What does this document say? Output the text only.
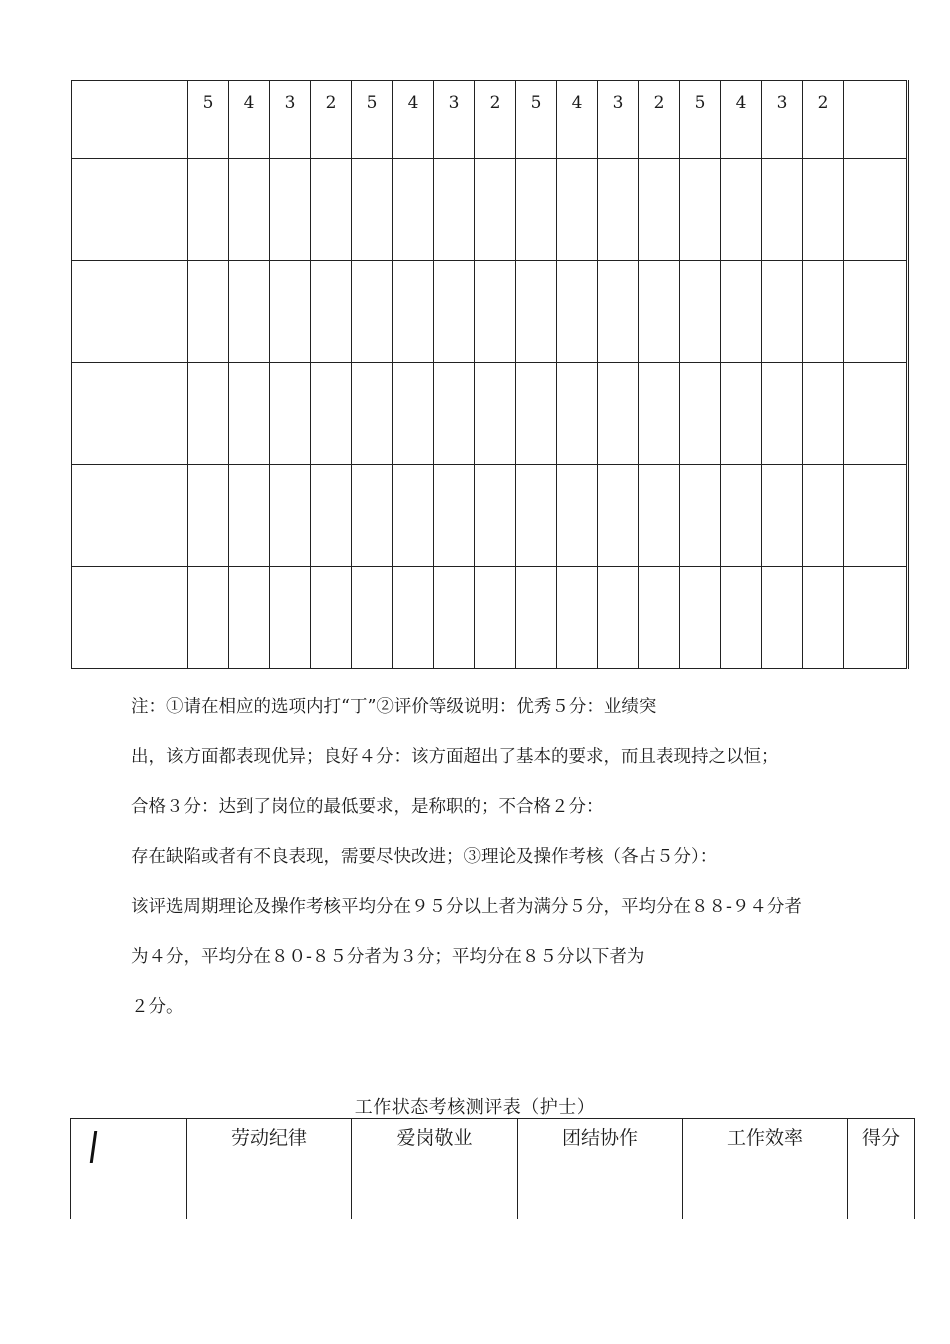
	5	4	3	2	5	4	3	2	5	4	3	2	5	4	3	2	

注：①请在相应的选项内打“丁”②评价等级说明：优秀５分：业绩突

出，该方面都表现优异；良好４分：该方面超出了基本的要求，而且表现持之以恒；

合格３分：达到了岗位的最低要求，是称职的；不合格２分：

存在缺陷或者有不良表现，需要尽快改进；③理论及操作考核（各占５分）：

该评选周期理论及操作考核平均分在９５分以上者为满分５分，平均分在８８-９４分者

为４分，平均分在８０-８５分者为３分；平均分在８５分以下者为

２分。

工作状态考核测评表（护士）
	劳动纪律	爱岗敬业	团结协作	工作效率	得分
